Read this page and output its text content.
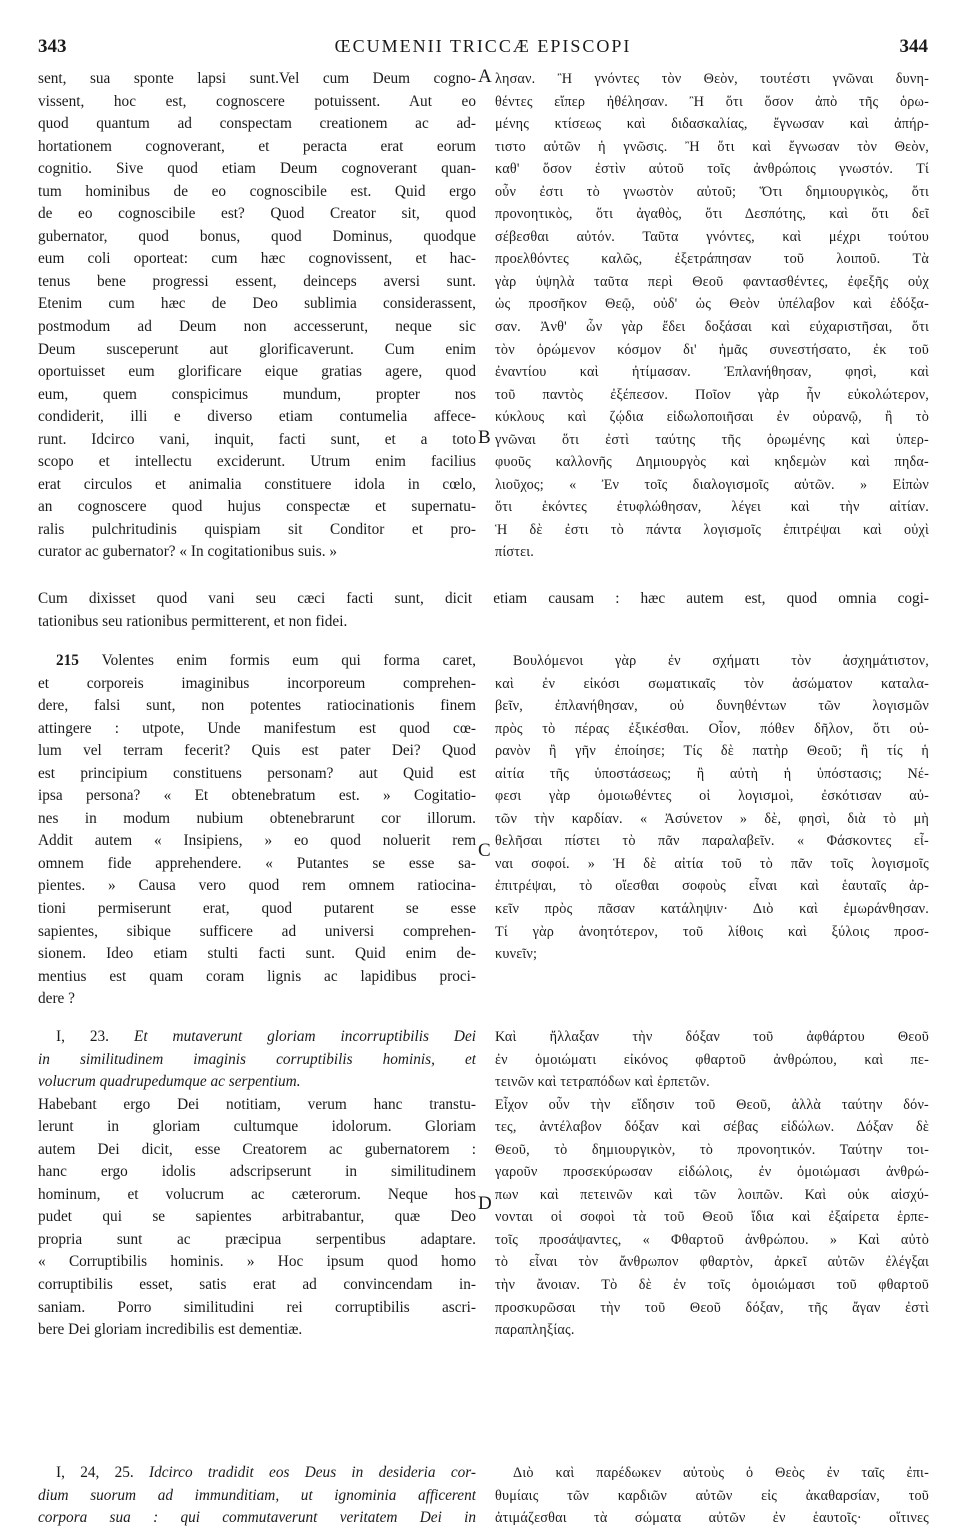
343	ŒCUMENII TRICCÆ EPISCOPI	344
A
B
C
D
sent, sua sponte lapsi sunt.Vel cum Deum cogno-
vissent, hoc est, cognoscere potuissent. Aut eo
quod quantum ad conspectam creationem ac ad-
hortationem cognoverant, et peracta erat eorum
cognitio. Sive quod etiam Deum cognoverant quan-
tum hominibus de eo cognoscibile est. Quid ergo
de eo cognoscibile est? Quod Creator sit, quod
gubernator, quod bonus, quod Dominus, quodque
eum coli oporteat: cum hæc cognovissent, et hac-
tenus bene progressi essent, deinceps aversi sunt.
Etenim cum hæc de Deo sublimia considerassent,
postmodum ad Deum non accesserunt, neque sic
Deum susceperunt aut glorificaverunt. Cum enim
oportuisset eum glorificare eique gratias agere, quod
eum, quem conspicimus mundum, propter nos
condiderit, illi e diverso etiam contumelia affece-
runt. Idcirco vani, inquit, facti sunt, et a toto
scopo et intellectu exciderunt. Utrum enim facilius
erat circulos et animalia constituere idola in cœlo,
an cognoscere quod hujus conspectæ et supernatu-
ralis pulchritudinis quispiam sit Conditor et pro-
curator ac gubernator? « In cogitationibus suis. »
λησαν. Ἢ γνόντες τὸν Θεὸν, τουτέστι γνῶναι δυνη-
θέντες εἴπερ ἠθέλησαν. Ἢ ὅτι ὅσον ἀπὸ τῆς ὁρω-
μένης κτίσεως καὶ διδασκαλίας, ἔγνωσαν καὶ ἀπήρ-
τιστο αὐτῶν ἡ γνῶσις. Ἢ ὅτι καὶ ἔγνωσαν τὸν Θεὸν,
καθ' ὅσον ἐστὶν αὐτοῦ τοῖς ἀνθρώποις γνωστόν. Τί
οὖν ἐστι τὸ γνωστὸν αὐτοῦ; Ὅτι δημιουργικὸς, ὅτι
προνοητικὸς, ὅτι ἀγαθὸς, ὅτι Δεσπότης, καὶ ὅτι δεῖ
σέβεσθαι αὐτόν. Ταῦτα γνόντες, καὶ μέχρι τούτου
προελθόντες καλῶς, ἐξετράπησαν τοῦ λοιποῦ. Τὰ
γὰρ ὑψηλὰ ταῦτα περὶ Θεοῦ φαντασθέντες, ἐφεξῆς οὐχ
ὡς προσῆκον Θεῷ, οὐδ' ὡς Θεὸν ὑπέλαβον καὶ ἐδόξα-
σαν. Ἀνθ' ὧν γὰρ ἔδει δοξάσαι καὶ εὐχαριστῆσαι, ὅτι
τὸν ὁρώμενον κόσμον δι' ἡμᾶς συνεστήσατο, ἐκ τοῦ
ἐναντίου καὶ ἠτίμασαν. Ἐπλανήθησαν, φησὶ, καὶ
τοῦ παντὸς ἐξέπεσον. Ποῖον γὰρ ἦν εὐκολώτερον,
κύκλους καὶ ζῴδια εἰδωλοποιῆσαι ἐν οὐρανῷ, ἢ τὸ
γνῶναι ὅτι ἐστὶ ταύτης τῆς ὁρωμένης καὶ ὑπερ-
φυοῦς καλλονῆς Δημιουργὸς καὶ κηδεμὼν καὶ πηδα-
λιοῦχος; « Ἐν τοῖς διαλογισμοῖς αὐτῶν. » Εἰπὼν
ὅτι ἑκόντες ἐτυφλώθησαν, λέγει καὶ τὴν αἰτίαν.
Ἡ δὲ ἐστι τὸ πάντα λογισμοῖς ἐπιτρέψαι καὶ οὐχὶ
πίστει.
Cum dixisset quod vani seu cæci facti sunt, dicit etiam causam : hæc autem est, quod omnia cogi-
tationibus seu rationibus permitterent, et non fidei.
215 Volentes enim formis eum qui forma caret,
et corporeis imaginibus incorporeum comprehen-
dere, falsi sunt, non potentes ratiocinationis finem
attingere : utpote, Unde manifestum est quod cœ-
lum vel terram fecerit? Quis est pater Dei? Quod
est principium constituens personam? aut Quid est
ipsa persona? « Et obtenebratum est. » Cogitatio-
nes in modum nubium obtenebrarunt cor illorum.
Addit autem « Insipiens, » eo quod noluerit rem
omnem fide apprehendere. « Putantes se esse sa-
pientes. » Causa vero quod rem omnem ratiocina-
tioni permiserunt erat, quod putarent se esse
sapientes, sibique sufficere ad universi comprehen-
sionem. Ideo etiam stulti facti sunt. Quid enim de-
mentius est quam coram lignis ac lapidibus proci-
dere ?
Βουλόμενοι γὰρ ἐν σχήματι τὸν ἀσχημάτιστον,
καὶ ἐν εἰκόσι σωματικαῖς τὸν ἀσώματον καταλα-
βεῖν, ἐπλανήθησαν, οὐ δυνηθέντων τῶν λογισμῶν
πρὸς τὸ πέρας ἐξικέσθαι. Οἷον, πόθεν δῆλον, ὅτι οὐ-
ρανὸν ἢ γῆν ἐποίησε; Τίς δὲ πατὴρ Θεοῦ; ἢ τίς ἡ
αἰτία τῆς ὑποστάσεως; ἢ αὐτὴ ἡ ὑπόστασις; Νέ-
φεσι γὰρ ὁμοιωθέντες οἱ λογισμοὶ, ἐσκότισαν αὐ-
τῶν τὴν καρδίαν. « Ἀσύνετον » δὲ, φησὶ, διὰ τὸ μὴ
θελῆσαι πίστει τὸ πᾶν παραλαβεῖν. « Φάσκοντες εἶ-
ναι σοφοί. » Ἡ δὲ αἰτία τοῦ τὸ πᾶν τοῖς λογισμοῖς
ἐπιτρέψαι, τὸ οἴεσθαι σοφοὺς εἶναι καὶ ἑαυταῖς ἀρ-
κεῖν πρὸς πᾶσαν κατάληψιν· Διὸ καὶ ἐμωράνθησαν.
Τί γὰρ ἀνοητότερον, τοῦ λίθοις καὶ ξύλοις προσ-
κυνεῖν;
I, 23. Et mutaverunt gloriam incorruptibilis Dei
in similitudinem imaginis corruptibilis hominis, et
volucrum quadrupedumque ac serpentium.
Habebant ergo Dei notitiam, verum hanc transtu-
lerunt in gloriam cultumque idolorum. Gloriam
autem Dei dicit, esse Creatorem ac gubernatorem :
hanc ergo idolis adscripserunt in similitudinem
hominum, et volucrum ac cæterorum. Neque hos
pudet qui se sapientes arbitrabantur, quæ Deo
propria sunt ac præcipua serpentibus adaptare.
« Corruptibilis hominis. » Hoc ipsum quod homo
corruptibilis esset, satis erat ad convincendam in-
saniam. Porro similitudini rei corruptibilis ascri-
bere Dei gloriam incredibilis est dementiæ.
Καὶ ἤλλαξαν τὴν δόξαν τοῦ ἀφθάρτου Θεοῦ
ἐν ὁμοιώματι εἰκόνος φθαρτοῦ ἀνθρώπου, καὶ πε-
τεινῶν καὶ τετραπόδων καὶ ἑρπετῶν.
Εἶχον οὖν τὴν εἴδησιν τοῦ Θεοῦ, ἀλλὰ ταύτην δόν-
τες, ἀντέλαβον δόξαν καὶ σέβας εἰδώλων. Δόξαν δὲ
Θεοῦ, τὸ δημιουργικὸν, τὸ προνοητικόν. Ταύτην τοι-
γαροῦν προσεκύρωσαν εἰδώλοις, ἐν ὁμοιώμασι ἀνθρώ-
πων καὶ πετεινῶν καὶ τῶν λοιπῶν. Καὶ οὐκ αἰσχύ-
νονται οἱ σοφοὶ τὰ τοῦ Θεοῦ ἴδια καὶ ἐξαίρετα ἑρπε-
τοῖς προσάψαντες, « Φθαρτοῦ ἀνθρώπου. » Καὶ αὐτὸ
τὸ εἶναι τὸν ἄνθρωπον φθαρτὸν, ἀρκεῖ αὐτῶν ἐλέγξαι
τὴν ἄνοιαν. Τὸ δὲ ἐν τοῖς ὁμοιώμασι τοῦ φθαρτοῦ
προσκυρῶσαι τὴν τοῦ Θεοῦ δόξαν, τῆς ἄγαν ἐστὶ
παραπληξίας.
I, 24, 25. Idcirco tradidit eos Deus in desideria cor-
dium suorum ad immunditiam, ut ignominia afficerent
corpora sua : qui commutaverunt veritatem Dei in
Διὸ καὶ παρέδωκεν αὐτοὺς ὁ Θεὸς ἐν ταῖς ἐπι-
θυμίαις τῶν καρδιῶν αὐτῶν εἰς ἀκαθαρσίαν, τοῦ
ἀτιμάζεσθαι τὰ σώματα αὐτῶν ἐν ἑαυτοῖς· οἵτινες
